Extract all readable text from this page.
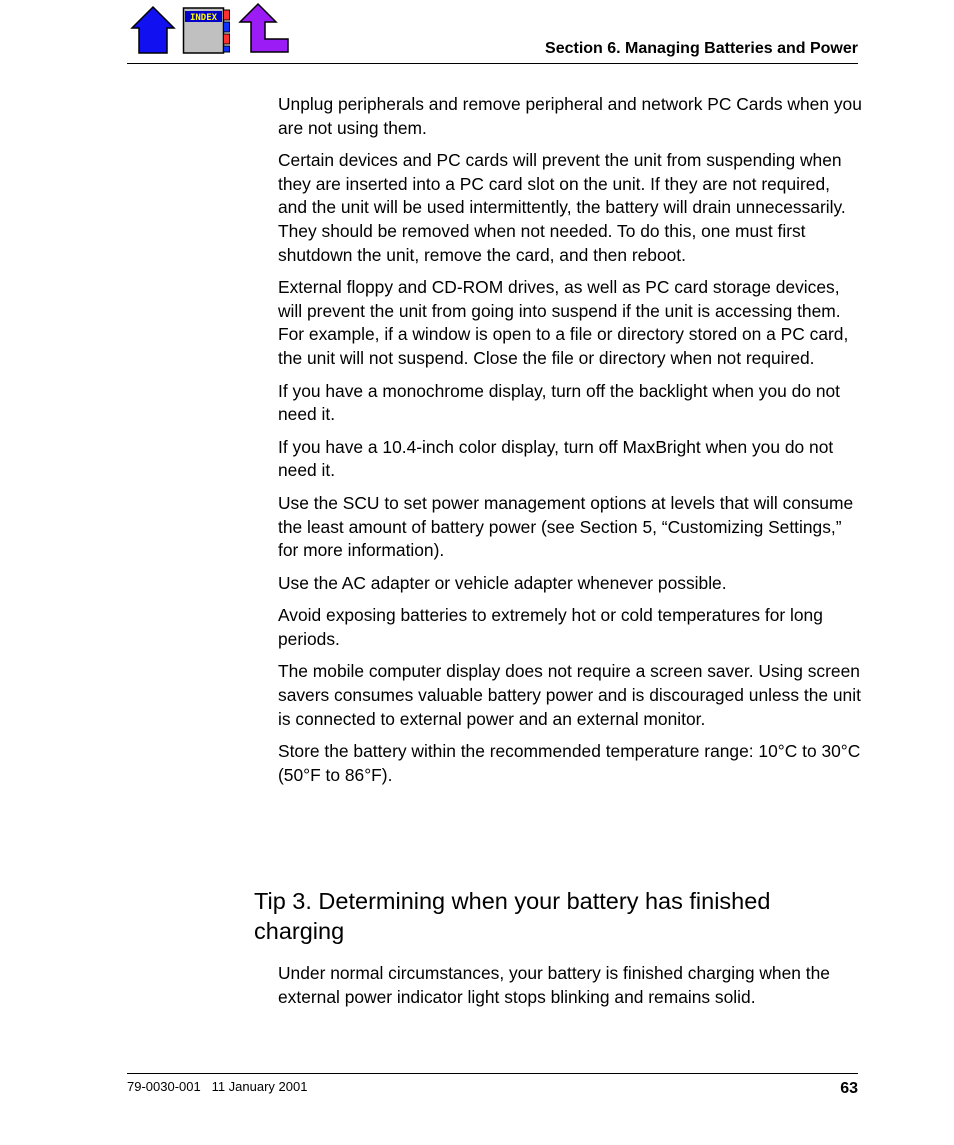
INDEX
Section 6. Managing Batteries and Power

Unplug peripherals and remove peripheral and network PC Cards when you are not using them.

Certain devices and PC cards will prevent the unit from suspending when they are inserted into a PC card slot on the unit. If they are not required, and the unit will be used intermittently, the battery will drain unnecessarily. They should be removed when not needed. To do this, one must first shutdown the unit, remove the card, and then reboot.

External floppy and CD-ROM drives, as well as PC card storage devices, will prevent the unit from going into suspend if the unit is accessing them. For example, if a window is open to a file or directory stored on a PC card, the unit will not suspend. Close the file or directory when not required.

If you have a monochrome display, turn off the backlight when you do not need it.

If you have a 10.4-inch color display, turn off MaxBright when you do not need it.

Use the SCU to set power management options at levels that will consume the least amount of battery power (see Section 5, “Customizing Settings,” for more information).

Use the AC adapter or vehicle adapter whenever possible.

Avoid exposing batteries to extremely hot or cold temperatures for long periods.

The mobile computer display does not require a screen saver. Using screen savers consumes valuable battery power and is discouraged unless the unit is connected to external power and an external monitor.

Store the battery within the recommended temperature range: 10°C to 30°C (50°F to 86°F).

Tip 3. Determining when your battery has finished charging

Under normal circumstances, your battery is finished charging when the external power indicator light stops blinking and remains solid.

79-0030-001   11 January 2001	63
